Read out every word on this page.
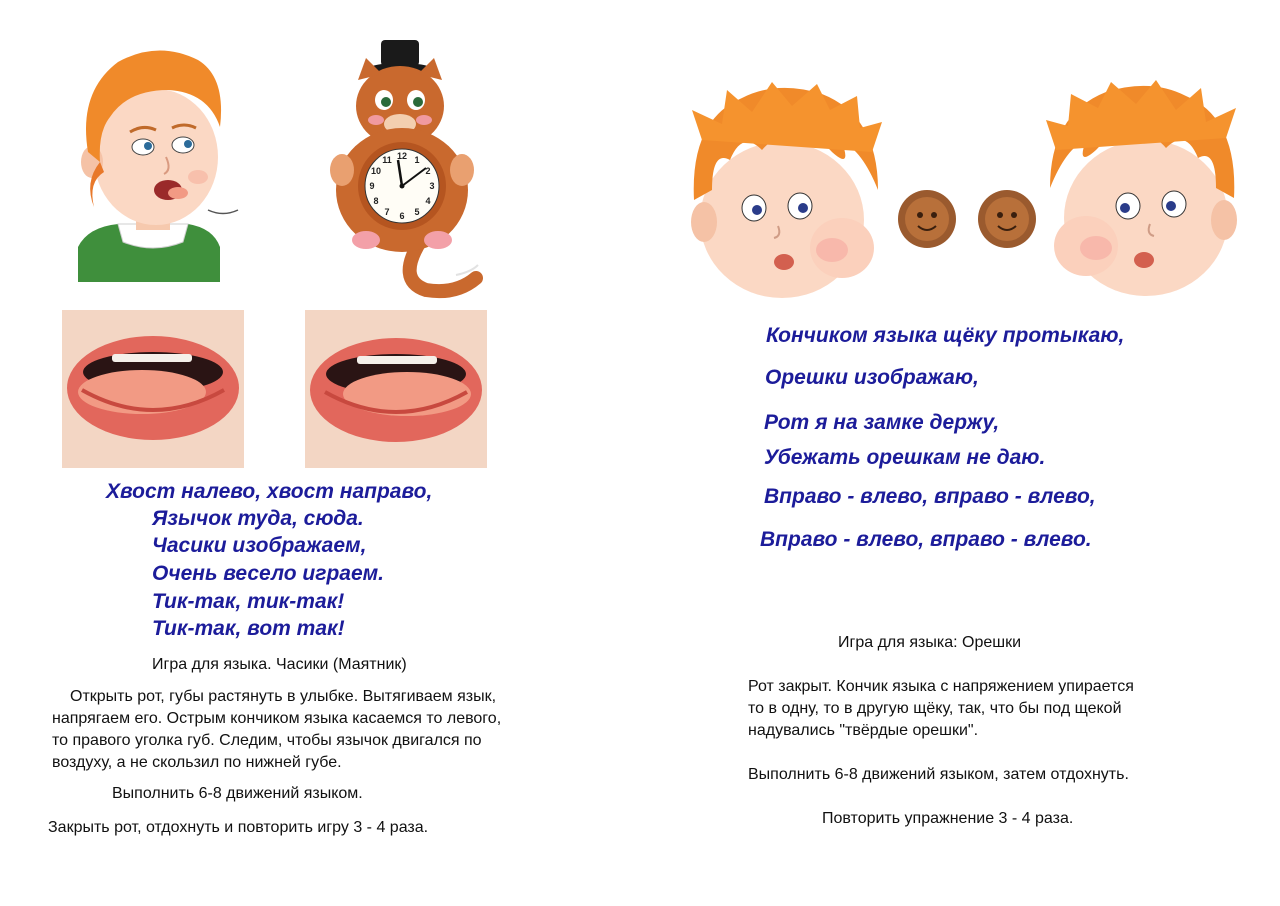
12 1
2
3
4
5
6
7
8
9
10
11

Хвост налево, хвост направо,

Язычок туда, сюда.

Часики изображаем,

Очень весело играем.

Тик-так, тик-так!

Тик-так, вот так!

Игра для языка. Часики (Маятник)

Открыть рот, губы растянуть в улыбке. Вытягиваем язык,

напрягаем его. Острым кончиком языка касаемся то левого,

то правого уголка губ. Следим, чтобы язычок двигался по

воздуху, а не скользил по нижней губе.

Выполнить 6-8 движений языком.

Закрыть рот, отдохнуть и повторить игру 3 - 4 раза.

Кончиком языка щёку протыкаю,

Орешки изображаю,

Рот я на замке держу,

Убежать орешкам не даю.

Вправо - влево, вправо - влево,

Вправо - влево, вправо - влево.

Игра для языка: Орешки

Рот закрыт. Кончик языка с напряжением упирается

то в одну, то в другую щёку, так, что бы под щекой

надувались "твёрдые орешки".

Выполнить 6-8 движений языком, затем отдохнуть.

Повторить упражнение 3 - 4 раза.
